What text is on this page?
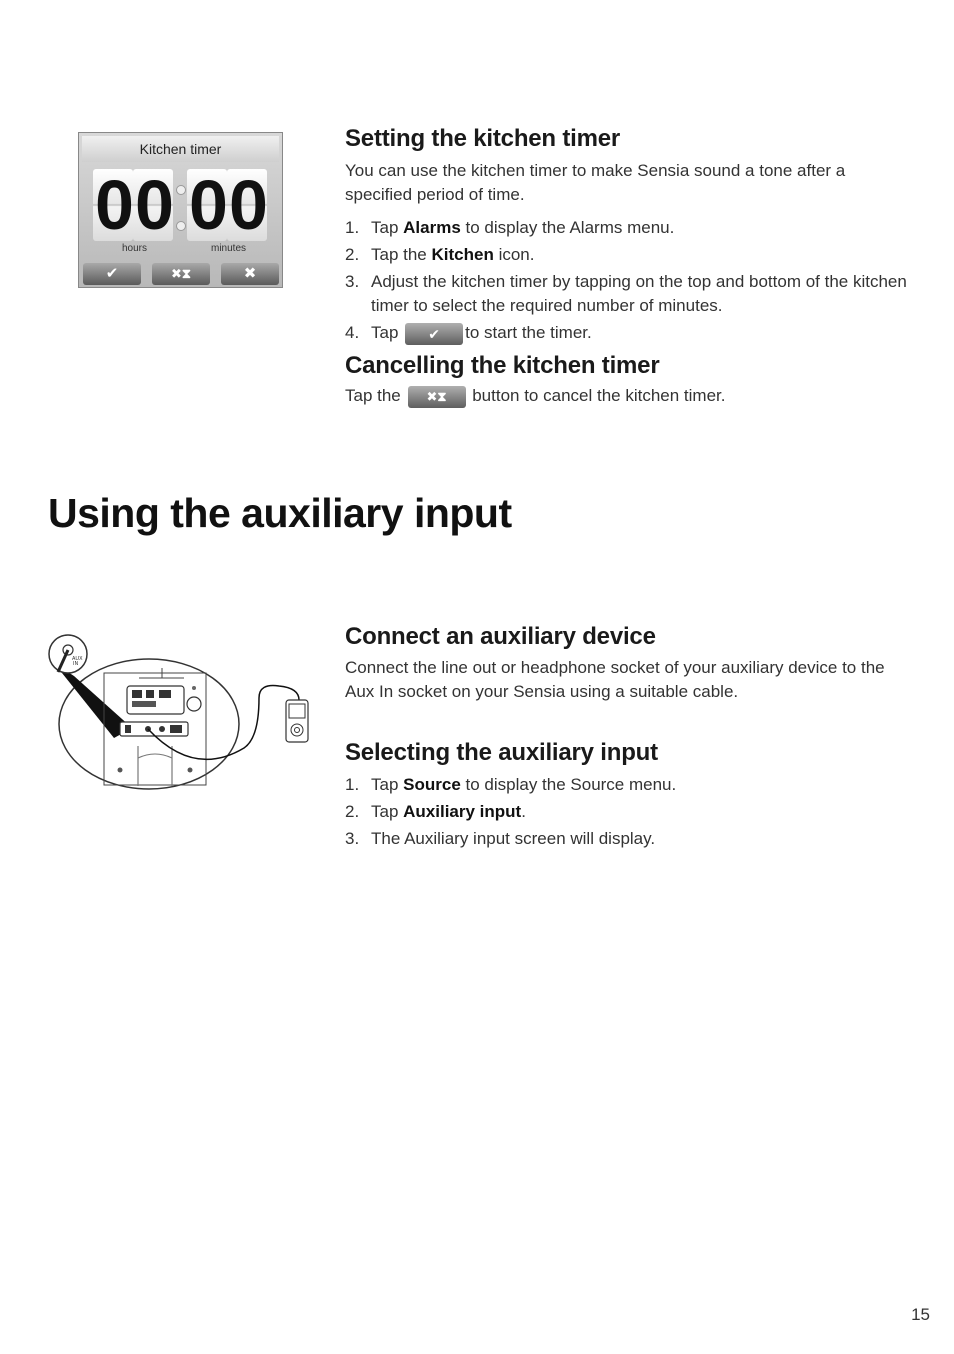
Kitchen timer
0 0 0 0
hours	minutes
✔	✖⧗	✖
Setting the kitchen timer

You can use the kitchen timer to make Sensia sound a tone after a specified period of time.

1. Tap Alarms to display the Alarms menu.
2. Tap the Kitchen icon.
3. Adjust the kitchen timer by tapping on the top and bottom of the kitchen timer to select the required number of minutes.
4. Tap ✔ to start the timer.
Cancelling the kitchen timer

Tap the ✖⧗ button to cancel the kitchen timer.

Using the auxiliary input
AUX
IN
Connect an auxiliary device

Connect the line out or headphone socket of your auxiliary device to the Aux In socket on your Sensia using a suitable cable.

Selecting the auxiliary input
1. Tap Source to display the Source menu.
2. Tap Auxiliary input.
3. The Auxiliary input screen will display.
15
